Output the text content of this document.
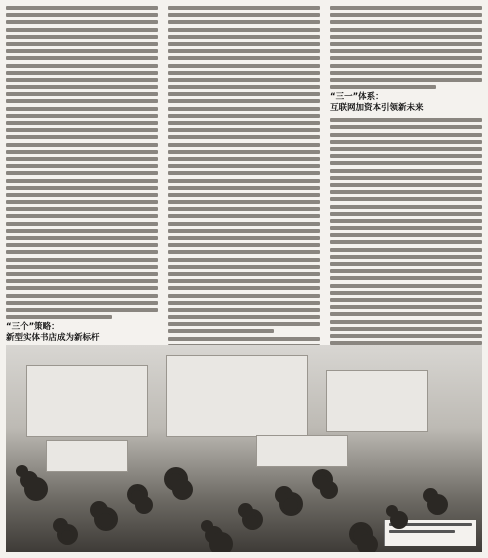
“三个”策略：
新型实体书店成为新标杆
“三一”体系：
互联网加资本引领新未来
